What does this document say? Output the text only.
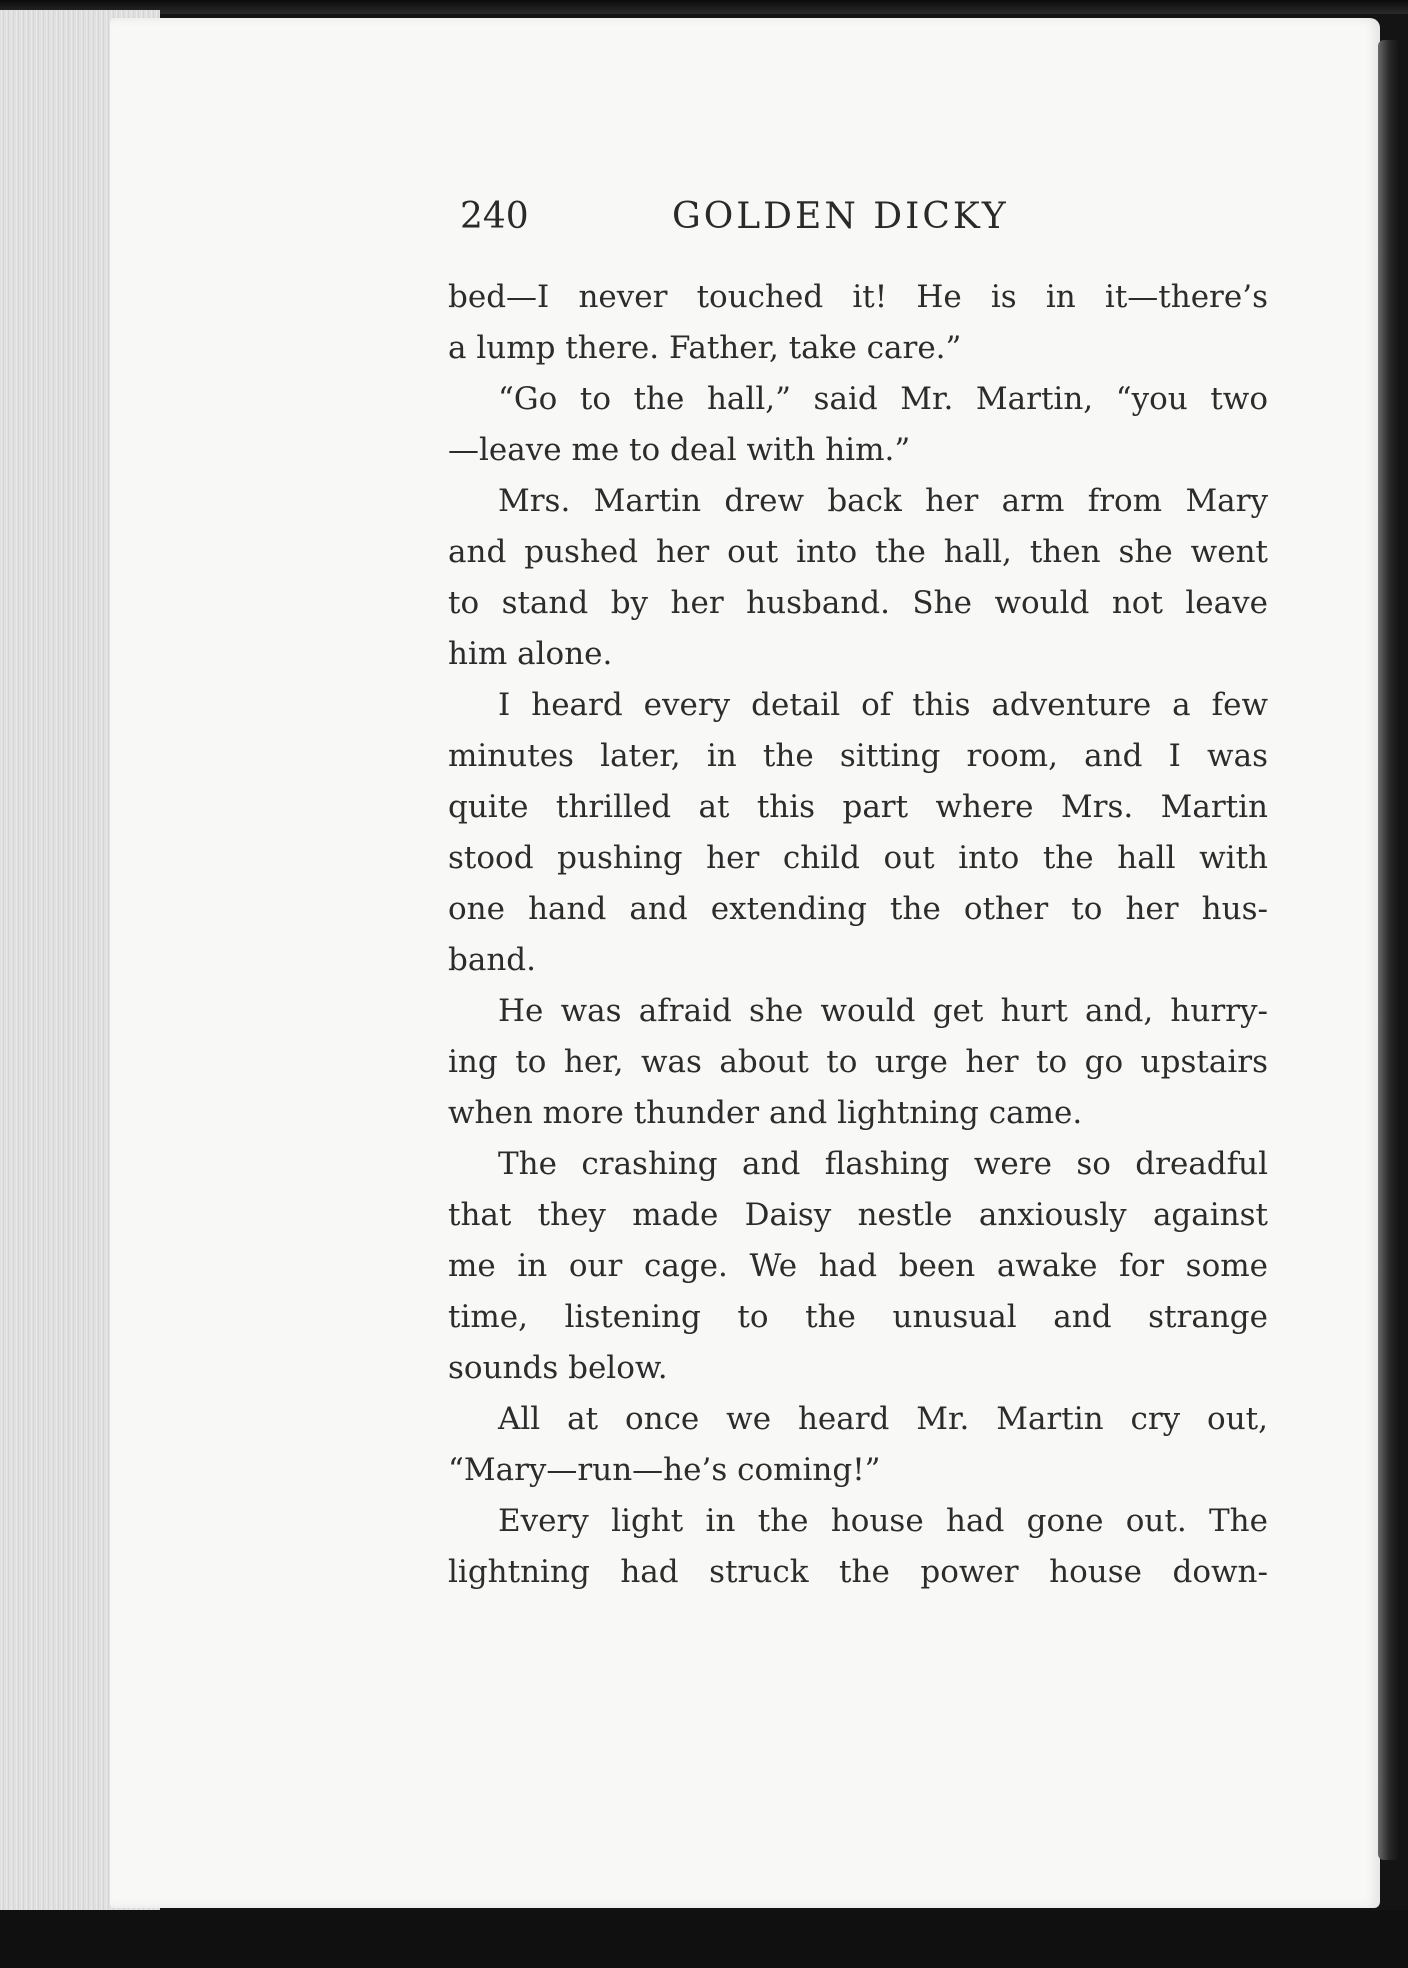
240	GOLDEN DICKY
bed—I never touched it! He is in it—there’s
a lump there. Father, take care.”
“Go to the hall,” said Mr. Martin, “you two
—leave me to deal with him.”
Mrs. Martin drew back her arm from Mary
and pushed her out into the hall, then she went
to stand by her husband. She would not leave
him alone.
I heard every detail of this adventure a few
minutes later, in the sitting room, and I was
quite thrilled at this part where Mrs. Martin
stood pushing her child out into the hall with
one hand and extending the other to her hus-
band.
He was afraid she would get hurt and, hurry-
ing to her, was about to urge her to go upstairs
when more thunder and lightning came.
The crashing and flashing were so dreadful
that they made Daisy nestle anxiously against
me in our cage. We had been awake for some
time, listening to the unusual and strange
sounds below.
All at once we heard Mr. Martin cry out,
“Mary—run—he’s coming!”
Every light in the house had gone out. The
lightning had struck the power house down-
